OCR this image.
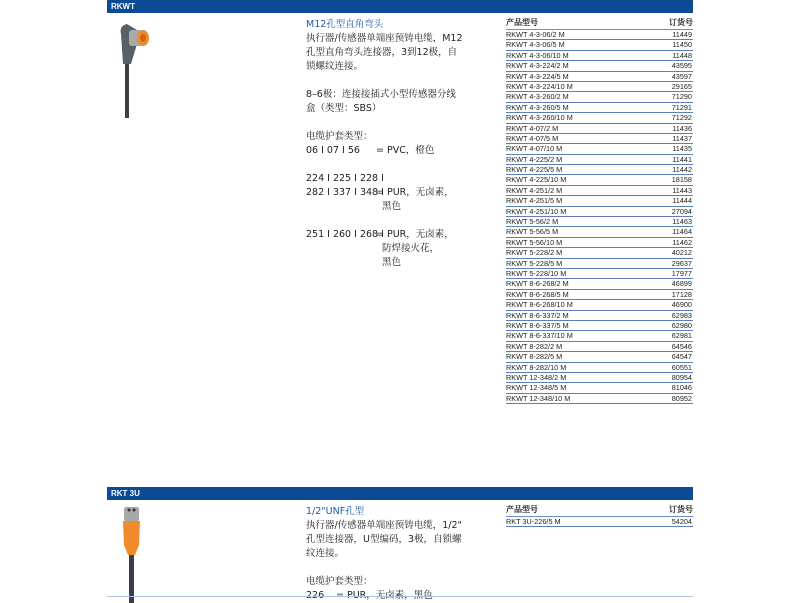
RKWT

M12孔型直角弯头

执行器/传感器单端座预铸电缆，M12

孔型直角弯头连接器，3到12极，自

锁螺纹连接。

8–6极：连接接插式小型传感器分线

盒（类型：SBS）

电缆护套类型：

06 I 07 I 56	= PVC，橙色
224 I 225 I 228 I
282 I 337 I 348 I
= PUR，无卤素，
黑色
251 I 260 I 268 I
= PUR，无卤素，
防焊接火花，
黑色
产品型号	订货号
RKWT 4-3-06/2 M	11449
RKWT 4-3-06/5 M	11450
RKWT 4-3-06/10 M	11448
RKWT 4-3-224/2 M	43595
RKWT 4-3-224/5 M	43597
RKWT 4-3-224/10 M	29165
RKWT 4-3-260/2 M	71290
RKWT 4-3-260/5 M	71291
RKWT 4-3-260/10 M	71292
RKWT 4-07/2 M	11436
RKWT 4-07/5 M	11437
RKWT 4-07/10 M	11435
RKWT 4-225/2 M	11441
RKWT 4-225/5 M	11442
RKWT 4-225/10 M	18158
RKWT 4-251/2 M	11443
RKWT 4-251/5 M	11444
RKWT 4-251/10 M	27094
RKWT 5-56/2 M	11463
RKWT 5-56/5 M	11464
RKWT 5-56/10 M	11462
RKWT 5-228/2 M	40212
RKWT 5-228/5 M	29637
RKWT 5-228/10 M	17977
RKWT 8-6-268/2 M	46899
RKWT 8-6-268/5 M	17128
RKWT 8-6-268/10 M	46900
RKWT 8-6-337/2 M	62983
RKWT 8-6-337/5 M	62980
RKWT 8-6-337/10 M	62981
RKWT 8-282/2 M	64546
RKWT 8-282/5 M	64547
RKWT 8-282/10 M	60551
RKWT 12-348/2 M	80954
RKWT 12-348/5 M	81046
RKWT 12-348/10 M	80952
RKT 3U

1/2"UNF孔型

执行器/传感器单端座预铸电缆，1/2"

孔型连接器，U型编码，3极，自锁螺

纹连接。

电缆护套类型：

产品型号	订货号
RKT 3U-226/5 M	54204
